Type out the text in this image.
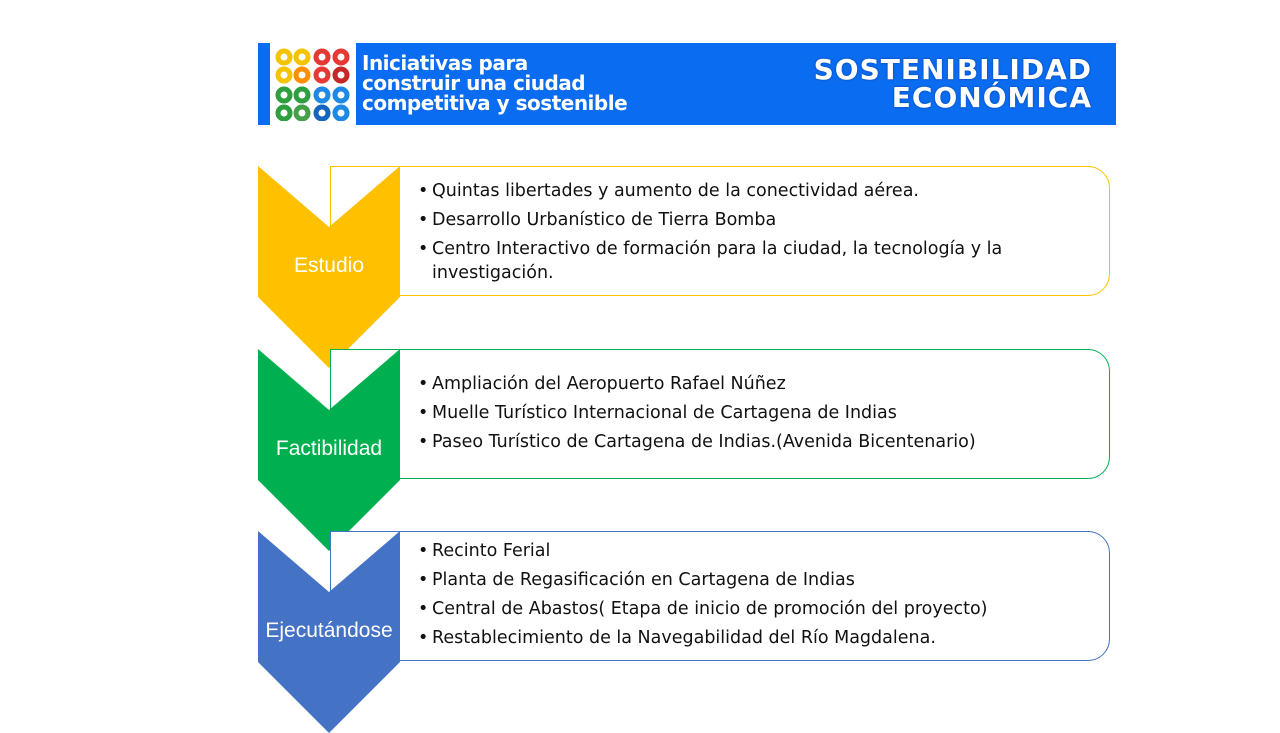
Iniciativas para
construir una ciudad
competitiva y sostenible
SOSTENIBILIDAD
ECONÓMICA
• Quintas libertades y aumento de la conectividad aérea.
• Desarrollo Urbanístico de Tierra Bomba
• Centro Interactivo de formación para la ciudad, la tecnología y la investigación.
Estudio
• Ampliación del Aeropuerto Rafael Núñez
• Muelle Turístico Internacional de Cartagena de Indias
• Paseo Turístico de Cartagena de Indias.(Avenida Bicentenario)
Factibilidad
• Recinto Ferial
• Planta de Regasificación en Cartagena de Indias
• Central de Abastos( Etapa de inicio de promoción del proyecto)
• Restablecimiento de la Navegabilidad del Río Magdalena.
Ejecutándose
